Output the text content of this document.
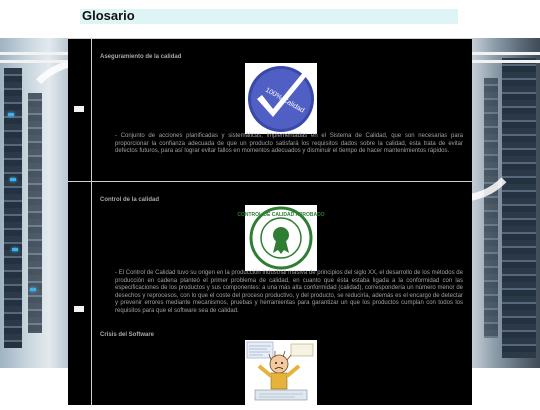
Glosario
Aseguramiento de la calidad
100% Calidad
- Conjunto de acciones planificadas y sistemáticas, implementadas en el Sistema de Calidad, que son necesarias para proporcionar la confianza adecuada de que un producto satisfará los requisitos dados sobre la calidad, esta trata de evitar defectos futuros, para así lograr evitar fallos en momentos adecuados y disminuir el tiempo de hacer mantenimientos rápidos.
Control de la calidad
CONTROL DE CALIDAD APROBADO
- El Control de Calidad tuvo su origen en la producción industrial masiva de principios del siglo XX, el desarrollo de los métodos de producción en cadena planteó el primer problema de calidad, en cuanto que ésta estaba ligada a la conformidad con las especificaciones de los productos y sus componentes: a una más alta conformidad (calidad), correspondería un número menor de desechos y reprocesos, con lo que el coste del proceso productivo, y del producto, se reduciría, además es el encargo de detectar y prevenir errores mediante mecanismos, pruebas y herramientas para garantizar un que los productos cumplan con todos los requisitos para que el software sea de calidad.
Crisis del Software
